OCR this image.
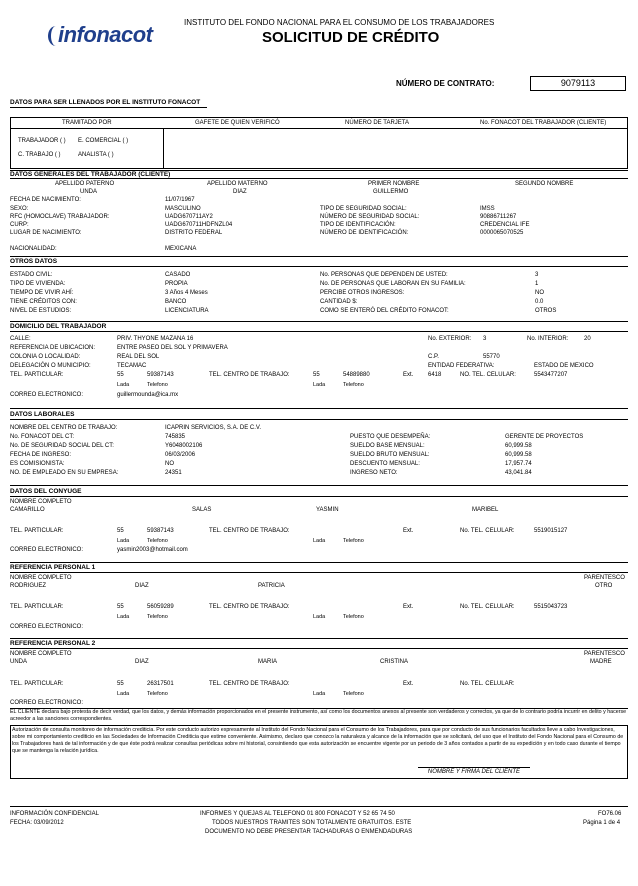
infonacot	INSTITUTO DEL FONDO NACIONAL PARA EL CONSUMO DE LOS TRABAJADORES
SOLICITUD DE CRÉDITO
NÚMERO DE CONTRATO:	9079113
DATOS PARA SER LLENADOS POR EL INSTITUTO FONACOT
TRAMITADO POR	GAFETE DE QUIEN VERIFICÓ	NÚMERO DE TARJETA	No. FONACOT DEL TRABAJADOR (CLIENTE)
TRABAJADOR ( ) E. COMERCIAL ( )
C. TRABAJO ( )	ANALISTA ( )
DATOS GENERALES DEL TRABAJADOR (CLIENTE)
APELLIDO PATERNO
UNDA
APELLIDO MATERNO
DIAZ
PRIMER NOMBRE
GUILLERMO
SEGUNDO NOMBRE
FECHA DE NACIMIENTO:	11/07/1967
SEXO:	MASCULINO
RFC (HOMOCLAVE) TRABAJADOR:	UADG670711AY2
CURP:	UADG670711HDFNZL04
LUGAR DE NACIMIENTO:	DISTRITO FEDERAL
NACIONALIDAD:	MEXICANA
TIPO DE SEGURIDAD SOCIAL:	IMSS
NÚMERO DE SEGURIDAD SOCIAL:	90886711267
TIPO DE IDENTIFICACIÓN:	CREDENCIAL IFE
NÚMERO DE IDENTIFICACIÓN:	0000065070525
OTROS DATOS
ESTADO CIVIL:	CASADO
TIPO DE VIVIENDA:	PROPIA
TIEMPO DE VIVIR AHÍ:	3 Años 4 Meses
TIENE CRÉDITOS CON:	BANCO
NIVEL DE ESTUDIOS:	LICENCIATURA
No. PERSONAS QUE DEPENDEN DE USTED:	3
No. DE PERSONAS QUE LABORAN EN SU FAMILIA:	1
PERCIBE OTROS INGRESOS:	NO
CANTIDAD $:	0.0
COMO SE ENTERÓ DEL CRÉDITO FONACOT:	OTROS
DOMICILIO DEL TRABAJADOR
CALLE:	PRIV. THYONE MAZANA 16	No. EXTERIOR: 3	No. INTERIOR:	20
REFERENCIA DE UBICACION:	ENTRE PASEO DEL SOL Y PRIMAVERA
COLONIA O LOCALIDAD:	REAL DEL SOL	C.P.	55770
DELEGACIÓN O MUNICIPIO:	TECAMAC	ENTIDAD FEDERATIVA:	ESTADO DE MEXICO
TEL. PARTICULAR:	55	59387143	TEL. CENTRO DE TRABAJO:	55	54889880	Ext. 6418	NO. TEL. CELULAR:	5543477207
Lada	Telefono	Lada	Telefono
CORREO ELECTRONICO:	guillermounda@ica.mx
DATOS LABORALES
NOMBRE DEL CENTRO DE TRABAJO:	ICAPRIN SERVICIOS, S.A. DE C.V.
No. FONACOT DEL CT:	745835
No. DE SEGURIDAD SOCIAL DEL CT:	Y6048002106
FECHA DE INGRESO:	06/03/2006
ES COMISIONISTA:	NO
NO. DE EMPLEADO EN SU EMPRESA:	24351
PUESTO QUE DESEMPEÑA:	GERENTE DE PROYECTOS
SUELDO BASE MENSUAL:	60,999.58
SUELDO BRUTO MENSUAL:	60,999.58
DESCUENTO MENSUAL:	17,957.74
INGRESO NETO:	43,041.84
DATOS DEL CONYUGE
NOMBRE COMPLETO
CAMARILLO	SALAS	YASMIN	MARIBEL
TEL. PARTICULAR:	55	59387143	TEL. CENTRO DE TRABAJO:	Ext.	No. TEL. CELULAR:	5519015127
Lada	Telefono	Lada	Telefono
CORREO ELECTRONICO:	yasmin2003@hotmail.com
REFERENCIA PERSONAL 1
NOMBRE COMPLETO	PARENTESCO
RODRIGUEZ	DIAZ	PATRICIA	OTRO
TEL. PARTICULAR:	55	56059289	TEL. CENTRO DE TRABAJO:	Ext.	No. TEL. CELULAR:	5515043723
Lada	Telefono	Lada	Telefono
CORREO ELECTRONICO:
REFERENCIA PERSONAL 2
NOMBRE COMPLETO	PARENTESCO
UNDA	DIAZ	MARIA	CRISTINA	MADRE
TEL. PARTICULAR:	55	26317501	TEL. CENTRO DE TRABAJO:	Ext.	No. TEL. CELULAR:
Lada	Telefono	Lada	Telefono
CORREO ELECTRONICO:
EL CLIENTE declara bajo protesta de decir verdad, que los datos, y demás información proporcionados en el presente instrumento, así como los documentos anexos al presente son verdaderos y correctos, ya que de lo contrario podría incurrir en delito y hacerse acreedor a las sanciones correspondientes.
Autorización de consulta monitoreo de información crediticia. Por este conducto autorizo expresamente al Instituto del Fondo Nacional para el Consumo de los Trabajadores, para que por conducto de sus funcionarios facultados lleve a cabo Investigaciones, sobre mi comportamiento crediticio en las Sociedades de Información Crediticia que estime conveniente. Asimismo, declaro que conozco la naturaleza y alcance de la información que se solicitará, del uso que el Instituto del Fondo Nacional para el Consumo de los Trabajadores hará de tal información y de que éste podrá realizar consultas periódicas sobre mi historial, consintiendo que esta autorización se encuentre vigente por un periodo de 3 años contados a partir de su expedición y en todo caso durante el tiempo que se mantenga la relación jurídica.
NOMBRE Y FIRMA DEL CLIENTE
INFORMACIÓN CONFIDENCIAL
FECHA: 03/09/2012
INFORMES Y QUEJAS AL TELEFONO 01 800 FONACOT Y 52 65 74 50
TODOS NUESTROS TRAMITES SON TOTALMENTE GRATUITOS. ESTE
DOCUMENTO NO DEBE PRESENTAR TACHADURAS O ENMENDADURAS
FO76.06
Página 1 de 4
